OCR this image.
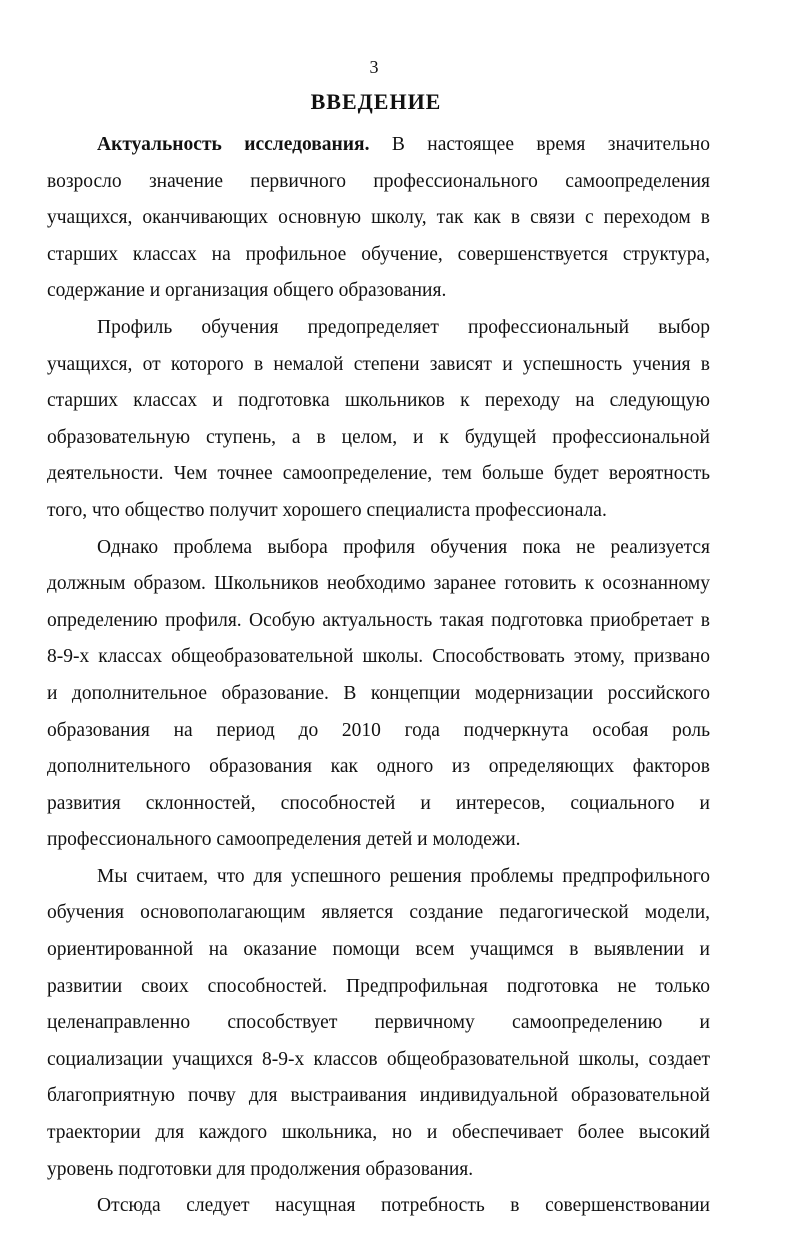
3
ВВЕДЕНИЕ
Актуальность исследования. В настоящее время значительно
возросло значение первичного профессионального самоопределения
учащихся, оканчивающих основную школу, так как в связи с переходом в
старших классах на профильное обучение, совершенствуется структура,
содержание и организация общего образования.
Профиль обучения предопределяет профессиональный выбор
учащихся, от которого в немалой степени зависят и успешность учения в
старших классах и подготовка школьников к переходу на следующую
образовательную ступень, а в целом, и к будущей профессиональной
деятельности. Чем точнее самоопределение, тем больше будет вероятность
того, что общество получит хорошего специалиста профессионала.
Однако проблема выбора профиля обучения пока не реализуется
должным образом. Школьников необходимо заранее готовить к осознанному
определению профиля. Особую актуальность такая подготовка приобретает в
8-9-х классах общеобразовательной школы. Способствовать этому, призвано
и дополнительное образование. В концепции модернизации российского
образования на период до 2010 года подчеркнута особая роль
дополнительного образования как одного из определяющих факторов
развития склонностей, способностей и интересов, социального и
профессионального самоопределения детей и молодежи.
Мы считаем, что для успешного решения проблемы предпрофильного
обучения основополагающим является создание педагогической модели,
ориентированной на оказание помощи всем учащимся в выявлении и
развитии своих способностей. Предпрофильная подготовка не только
целенаправленно способствует первичному самоопределению и
социализации учащихся 8-9-х классов общеобразовательной школы, создает
благоприятную почву для выстраивания индивидуальной образовательной
траектории для каждого школьника, но и обеспечивает более высокий
уровень подготовки для продолжения образования.
Отсюда следует насущная потребность в совершенствовании
